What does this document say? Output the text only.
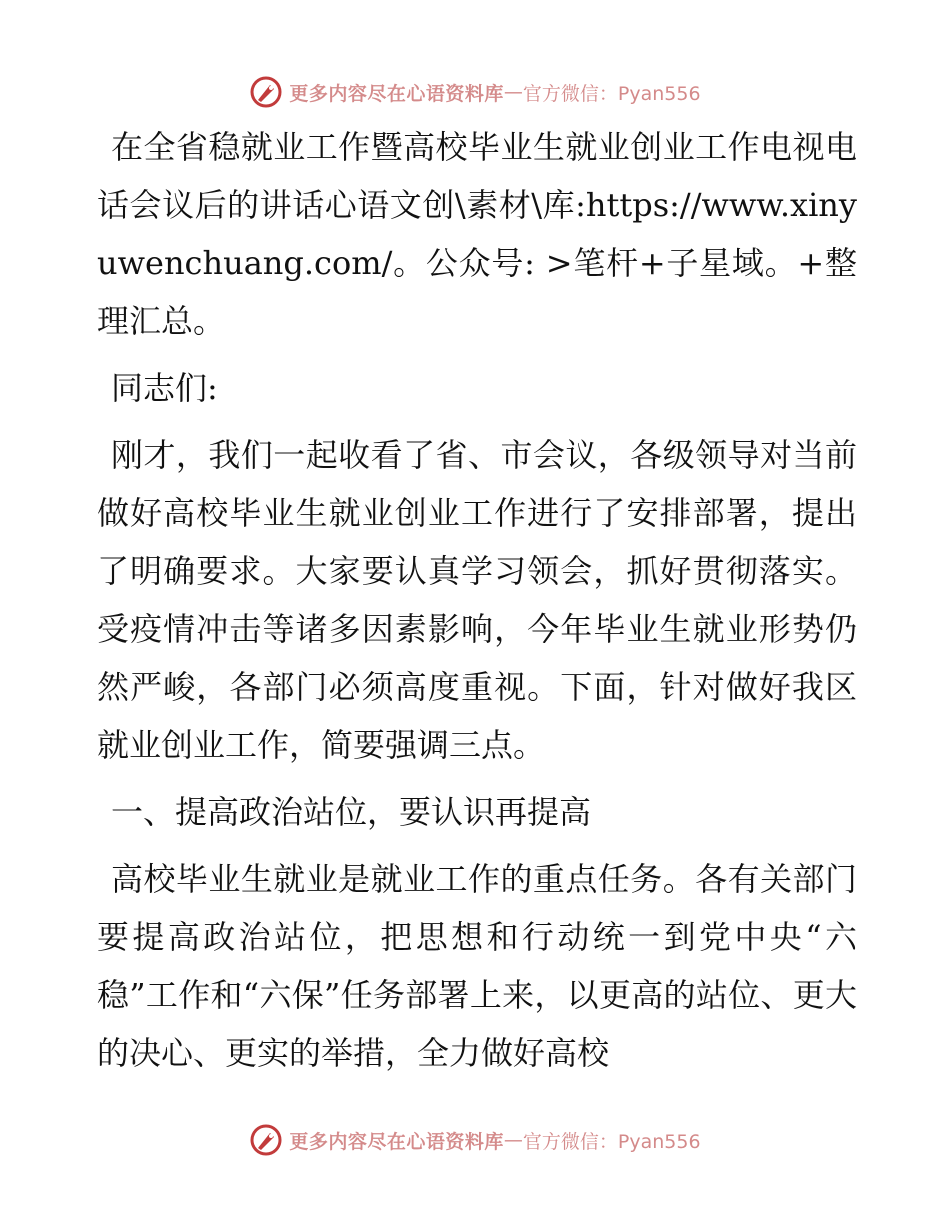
更多内容尽在心语资料库 — 官方微信：Pyan556

在全省稳就业工作暨高校毕业生就业创业工作电视电话会议后的讲话心语文创\素材\库:https://www.xinyuwenchuang.com/。公众号: >笔杆+子星域。+整理汇总。

同志们:

刚才，我们一起收看了省、市会议，各级领导对当前做好高校毕业生就业创业工作进行了安排部署，提出了明确要求。大家要认真学习领会，抓好贯彻落实。受疫情冲击等诸多因素影响，今年毕业生就业形势仍然严峻，各部门必须高度重视。下面，针对做好我区就业创业工作，简要强调三点。

一、提高政治站位，要认识再提高

高校毕业生就业是就业工作的重点任务。各有关部门要提高政治站位，把思想和行动统一到党中央“六稳”工作和“六保”任务部署上来，以更高的站位、更大的决心、更实的举措，全力做好高校

更多内容尽在心语资料库 — 官方微信：Pyan556
